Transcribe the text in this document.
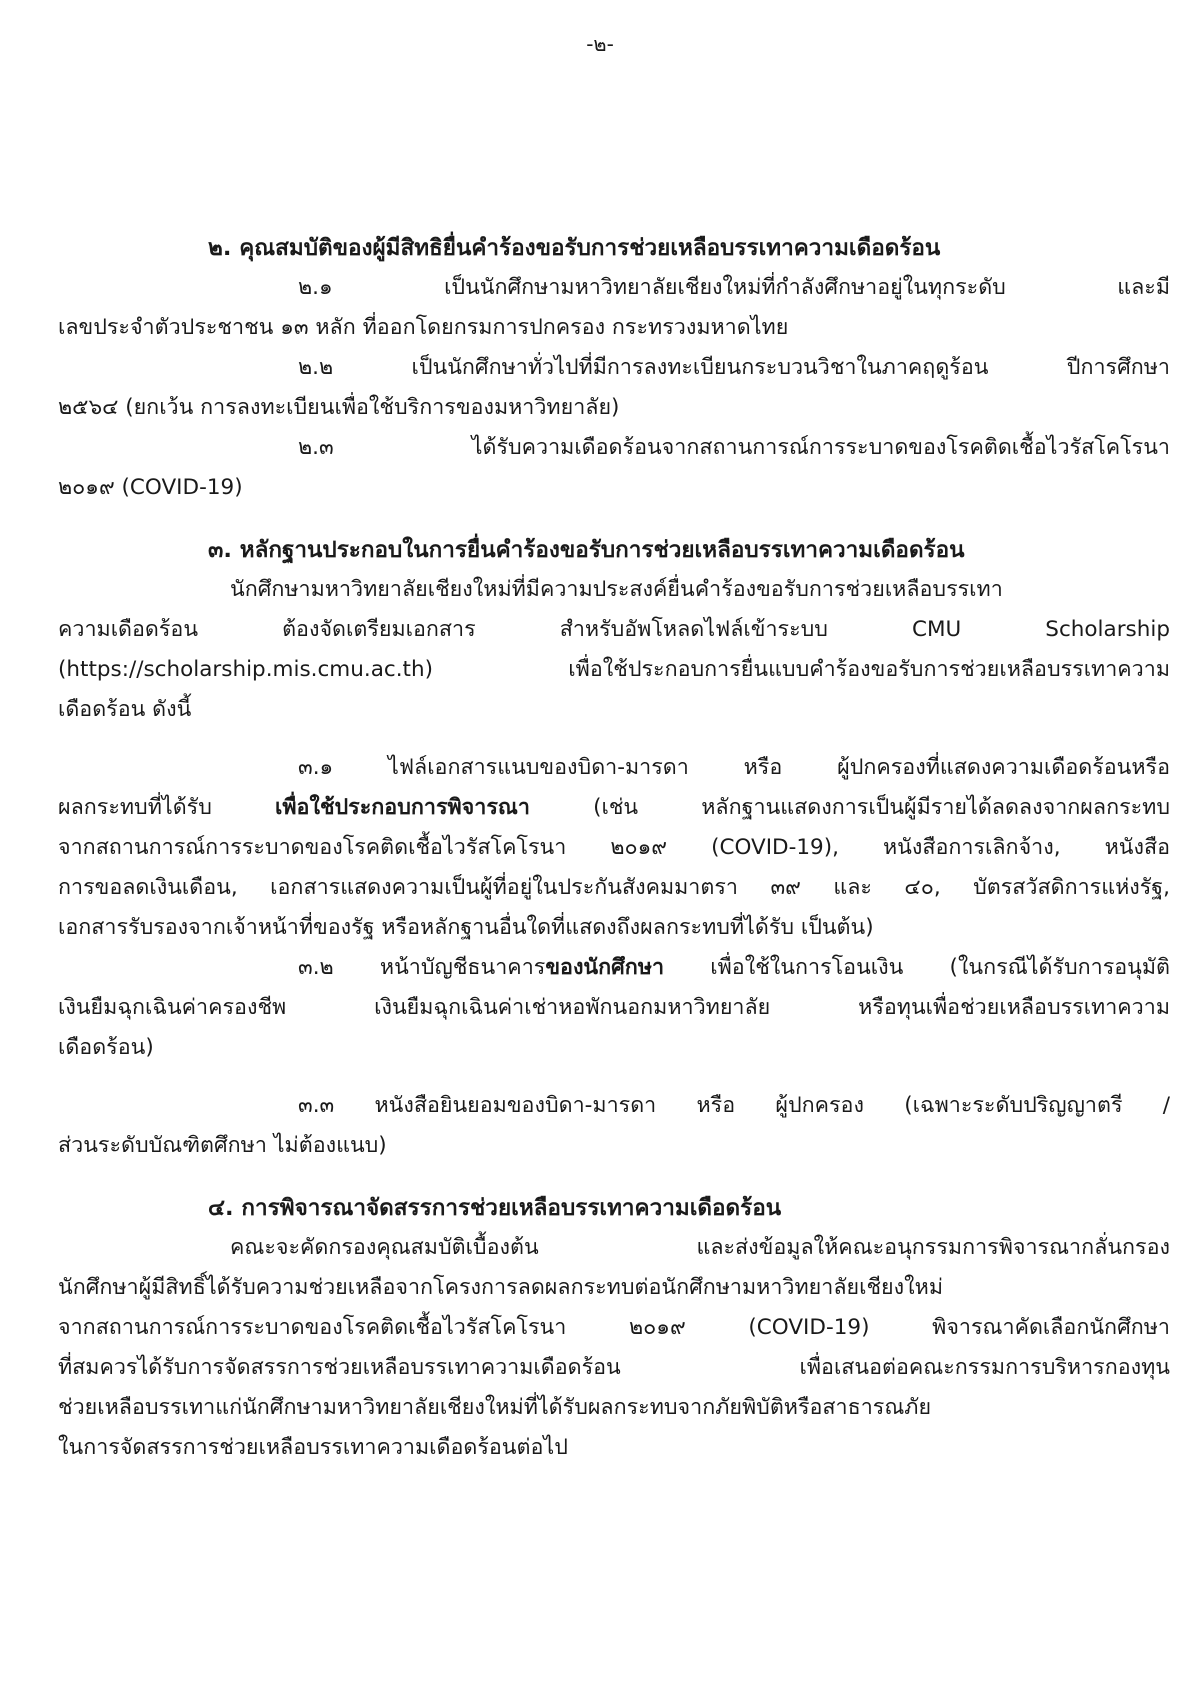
-๒-
๒. คุณสมบัติของผู้มีสิทธิยื่นคำร้องขอรับการช่วยเหลือบรรเทาความเดือดร้อน
๒.๑ เป็นนักศึกษามหาวิทยาลัยเชียงใหม่ที่กำลังศึกษาอยู่ในทุกระดับ และมี
เลขประจำตัวประชาชน ๑๓ หลัก ที่ออกโดยกรมการปกครอง กระทรวงมหาดไทย
๒.๒ เป็นนักศึกษาทั่วไปที่มีการลงทะเบียนกระบวนวิชาในภาคฤดูร้อน ปีการศึกษา
๒๕๖๔ (ยกเว้น การลงทะเบียนเพื่อใช้บริการของมหาวิทยาลัย)
๒.๓ ได้รับความเดือดร้อนจากสถานการณ์การระบาดของโรคติดเชื้อไวรัสโคโรนา
๒๐๑๙ (COVID-19)
๓. หลักฐานประกอบในการยื่นคำร้องขอรับการช่วยเหลือบรรเทาความเดือดร้อน
นักศึกษามหาวิทยาลัยเชียงใหม่ที่มีความประสงค์ยื่นคำร้องขอรับการช่วยเหลือบรรเทา
ความเดือดร้อน ต้องจัดเตรียมเอกสาร สำหรับอัพโหลดไฟล์เข้าระบบ CMU Scholarship
(https://scholarship.mis.cmu.ac.th) เพื่อใช้ประกอบการยื่นแบบคำร้องขอรับการช่วยเหลือบรรเทาความ
เดือดร้อน ดังนี้
๓.๑ ไฟล์เอกสารแนบของบิดา-มารดา หรือ ผู้ปกครองที่แสดงความเดือดร้อนหรือ
ผลกระทบที่ได้รับ เพื่อใช้ประกอบการพิจารณา (เช่น หลักฐานแสดงการเป็นผู้มีรายได้ลดลงจากผลกระทบ
จากสถานการณ์การระบาดของโรคติดเชื้อไวรัสโคโรนา ๒๐๑๙ (COVID-19), หนังสือการเลิกจ้าง, หนังสือ
การขอลดเงินเดือน, เอกสารแสดงความเป็นผู้ที่อยู่ในประกันสังคมมาตรา ๓๙ และ ๔๐, บัตรสวัสดิการแห่งรัฐ,
เอกสารรับรองจากเจ้าหน้าที่ของรัฐ หรือหลักฐานอื่นใดที่แสดงถึงผลกระทบที่ได้รับ เป็นต้น)
๓.๒ หน้าบัญชีธนาคารของนักศึกษา เพื่อใช้ในการโอนเงิน (ในกรณีได้รับการอนุมัติ
เงินยืมฉุกเฉินค่าครองชีพ เงินยืมฉุกเฉินค่าเช่าหอพักนอกมหาวิทยาลัย หรือทุนเพื่อช่วยเหลือบรรเทาความ
เดือดร้อน)
๓.๓ หนังสือยินยอมของบิดา-มารดา หรือ ผู้ปกครอง (เฉพาะระดับปริญญาตรี /
ส่วนระดับบัณฑิตศึกษา ไม่ต้องแนบ)
๔. การพิจารณาจัดสรรการช่วยเหลือบรรเทาความเดือดร้อน
คณะจะคัดกรองคุณสมบัติเบื้องต้น และส่งข้อมูลให้คณะอนุกรรมการพิจารณากลั่นกรอง
นักศึกษาผู้มีสิทธิ์ได้รับความช่วยเหลือจากโครงการลดผลกระทบต่อนักศึกษามหาวิทยาลัยเชียงใหม่
จากสถานการณ์การระบาดของโรคติดเชื้อไวรัสโคโรนา ๒๐๑๙ (COVID-19) พิจารณาคัดเลือกนักศึกษา
ที่สมควรได้รับการจัดสรรการช่วยเหลือบรรเทาความเดือดร้อน เพื่อเสนอต่อคณะกรรมการบริหารกองทุน
ช่วยเหลือบรรเทาแก่นักศึกษามหาวิทยาลัยเชียงใหม่ที่ได้รับผลกระทบจากภัยพิบัติหรือสาธารณภัย
ในการจัดสรรการช่วยเหลือบรรเทาความเดือดร้อนต่อไป
